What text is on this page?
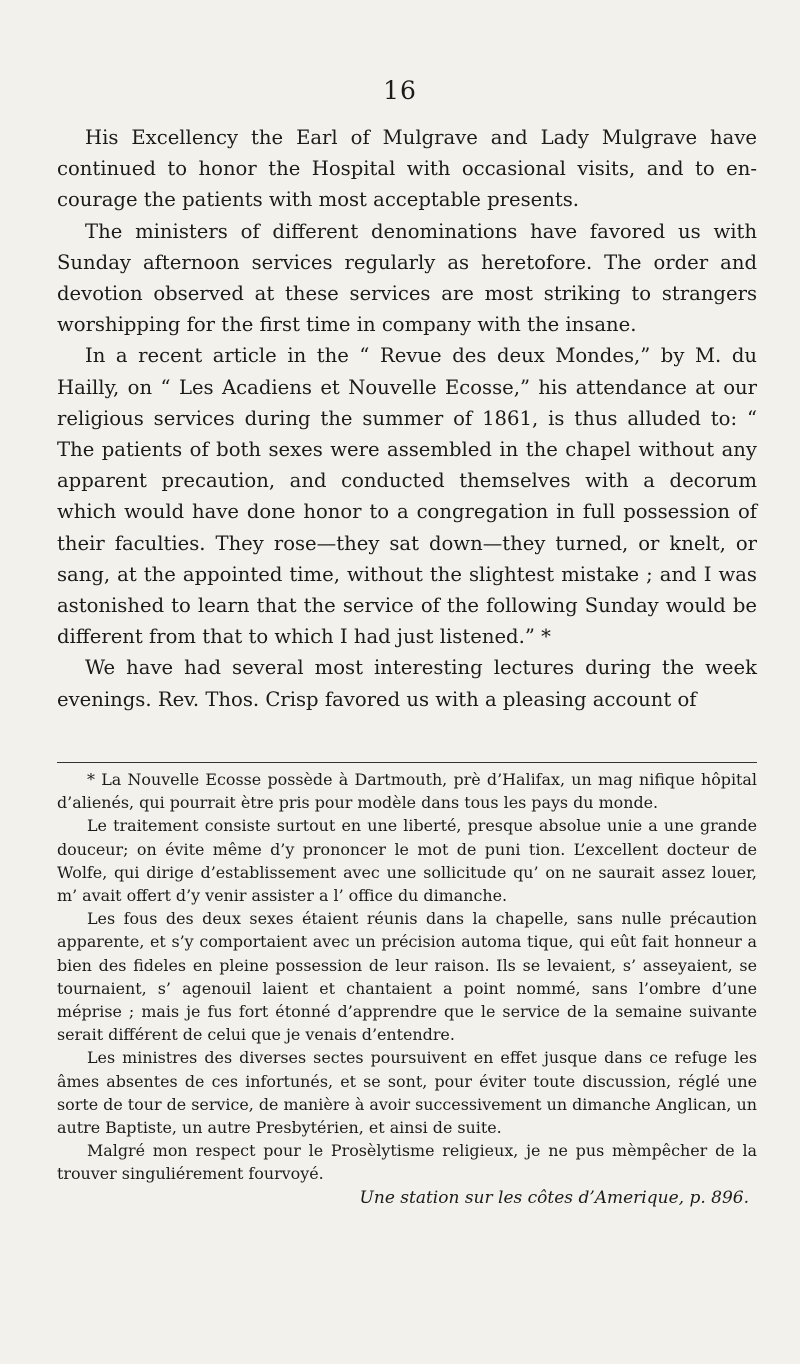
16

His Excellency the Earl of Mulgrave and Lady Mulgrave have continued to honor the Hospital with occasional visits, and to en courage the patients with most acceptable presents.

The ministers of different denominations have favored us with Sunday afternoon services regularly as heretofore. The order and devotion observed at these services are most striking to strangers worshipping for the first time in company with the insane.

In a recent article in the “ Revue des deux Mondes,” by M. du Hailly, on “ Les Acadiens et Nouvelle Ecosse,” his attendance at our religious services during the summer of 1861, is thus alluded to: “ The patients of both sexes were assembled in the chapel without any apparent precaution, and conducted themselves with a decorum which would have done honor to a congregation in full possession of their faculties. They rose—they sat down—they turned, or knelt, or sang, at the appointed time, without the slightest mistake ; and I was astonished to learn that the service of the following Sunday would be different from that to which I had just listened.” *

We have had several most interesting lectures during the week evenings. Rev. Thos. Crisp favored us with a pleasing account of

* La Nouvelle Ecosse possède à Dartmouth, prè d’Halifax, un mag nifique hôpital d’alienés, qui pourrait ètre pris pour modèle dans tous les pays du monde.

Le traitement consiste surtout en une liberté, presque absolue unie a une grande douceur; on évite même d’y prononcer le mot de puni tion. L’excellent docteur de Wolfe, qui dirige d’establissement avec une sollicitude qu’ on ne saurait assez louer, m’ avait offert d’y venir assister a l’ office du dimanche.

Les fous des deux sexes étaient réunis dans la chapelle, sans nulle précaution apparente, et s’y comportaient avec un précision automa tique, qui eût fait honneur a bien des fideles en pleine possession de leur raison. Ils se levaient, s’ asseyaient, se tournaient, s’ agenouil laient et chantaient a point nommé, sans l’ombre d’une méprise ; mais je fus fort étonné d’apprendre que le service de la semaine suivante serait différent de celui que je venais d’entendre.

Les ministres des diverses sectes poursuivent en effet jusque dans ce refuge les âmes absentes de ces infortunés, et se sont, pour éviter toute discussion, réglé une sorte de tour de service, de manière à avoir successivement un dimanche Anglican, un autre Baptiste, un autre Presbytérien, et ainsi de suite.

Malgré mon respect pour le Prosèlytisme religieux, je ne pus mèmpêcher de la trouver singuliérement fourvoyé.

Une station sur les côtes d’Amerique, p. 896.
